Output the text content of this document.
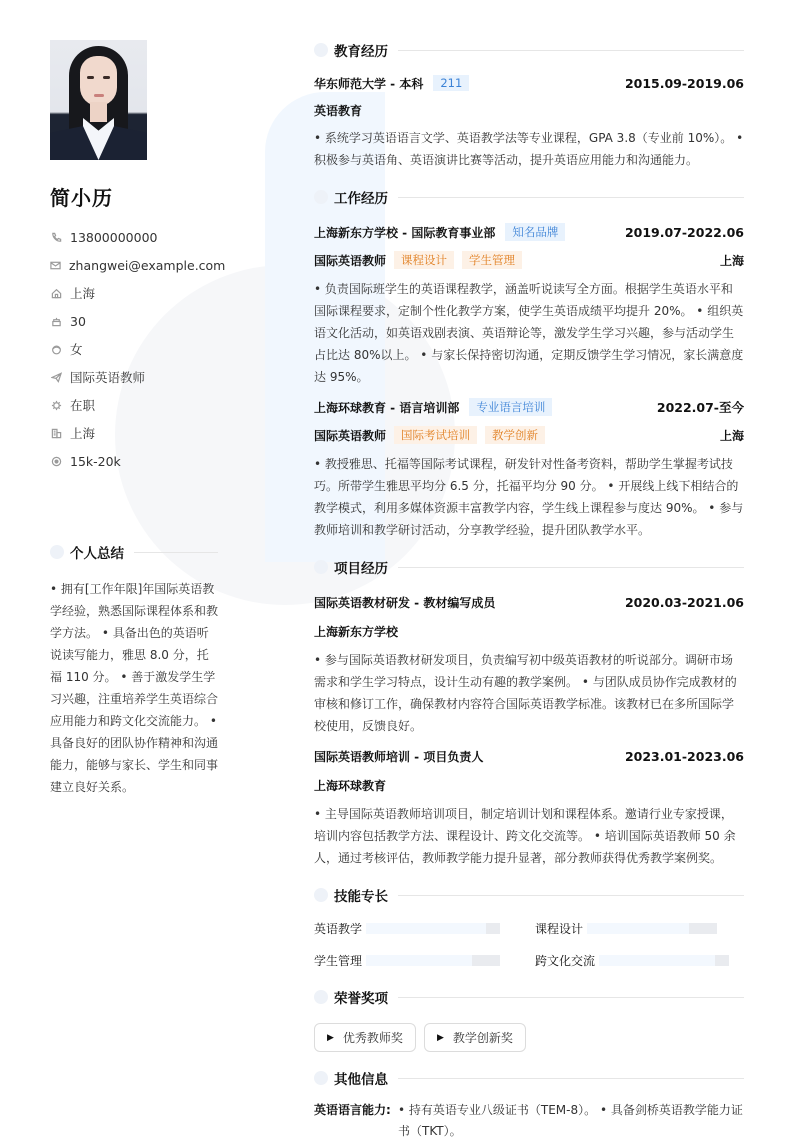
简小历
13800000000
zhangwei@example.com
上海
30
女
国际英语教师
在职
上海
15k-20k
个人总结
• 拥有[工作年限]年国际英语教学经验，熟悉国际课程体系和教学方法。 • 具备出色的英语听说读写能力，雅思 8.0 分，托福 110 分。 • 善于激发学生学习兴趣，注重培养学生英语综合应用能力和跨文化交流能力。 • 具备良好的团队协作精神和沟通能力，能够与家长、学生和同事建立良好关系。
教育经历
华东师范大学 - 本科	211	2015.09-2019.06
英语教育
• 系统学习英语语言文学、英语教学法等专业课程，GPA 3.8（专业前 10%）。 • 积极参与英语角、英语演讲比赛等活动，提升英语应用能力和沟通能力。
工作经历
上海新东方学校 - 国际教育事业部	知名品牌	2019.07-2022.06
国际英语教师	课程设计	学生管理	上海
• 负责国际班学生的英语课程教学，涵盖听说读写全方面。根据学生英语水平和国际课程要求，定制个性化教学方案，使学生英语成绩平均提升 20%。 • 组织英语文化活动，如英语戏剧表演、英语辩论等，激发学生学习兴趣，参与活动学生占比达 80%以上。 • 与家长保持密切沟通，定期反馈学生学习情况，家长满意度达 95%。
上海环球教育 - 语言培训部	专业语言培训	2022.07-至今
国际英语教师	国际考试培训	教学创新	上海
• 教授雅思、托福等国际考试课程，研发针对性备考资料，帮助学生掌握考试技巧。所带学生雅思平均分 6.5 分，托福平均分 90 分。 • 开展线上线下相结合的教学模式，利用多媒体资源丰富教学内容，学生线上课程参与度达 90%。 • 参与教师培训和教学研讨活动，分享教学经验，提升团队教学水平。
项目经历
国际英语教材研发 - 教材编写成员	2020.03-2021.06
上海新东方学校
• 参与国际英语教材研发项目，负责编写初中级英语教材的听说部分。调研市场需求和学生学习特点，设计生动有趣的教学案例。 • 与团队成员协作完成教材的审核和修订工作，确保教材内容符合国际英语教学标准。该教材已在多所国际学校使用，反馈良好。
国际英语教师培训 - 项目负责人	2023.01-2023.06
上海环球教育
• 主导国际英语教师培训项目，制定培训计划和课程体系。邀请行业专家授课，培训内容包括教学方法、课程设计、跨文化交流等。 • 培训国际英语教师 50 余人，通过考核评估，教师教学能力提升显著，部分教师获得优秀教学案例奖。
技能专长
英语教学	课程设计
学生管理	跨文化交流
荣誉奖项
▶ 优秀教师奖	▶ 教学创新奖
其他信息
英语语言能力: • 持有英语专业八级证书（TEM-8）。 • 具备剑桥英语教学能力证书（TKT）。
